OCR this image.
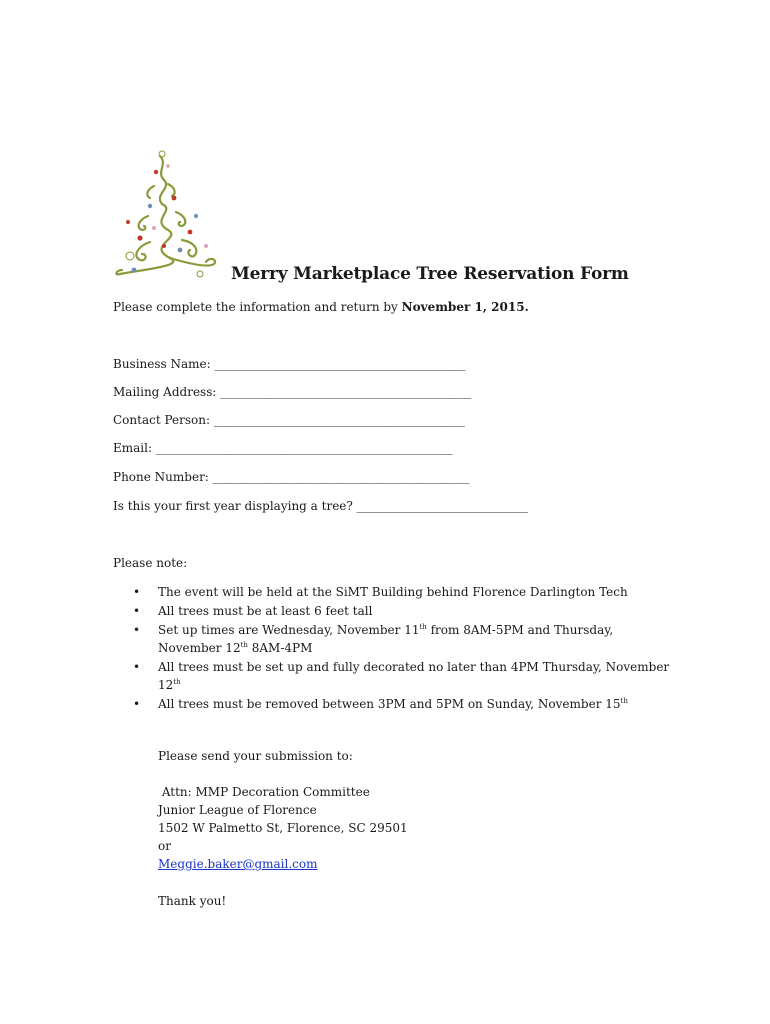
Merry Marketplace Tree Reservation Form
Please complete the information and return by November 1, 2015.
Business Name: ____________________________________________
Mailing Address: ____________________________________________
Contact Person: ____________________________________________
Email: ____________________________________________________
Phone Number: _____________________________________________
Is this your first year displaying a tree? ______________________________
Please note:
• The event will be held at the SiMT Building behind Florence Darlington Tech
• All trees must be at least 6 feet tall
• Set up times are Wednesday, November 11th from 8AM-5PM and Thursday, November 12th 8AM-4PM
• All trees must be set up and fully decorated no later than 4PM Thursday, November 12th
• All trees must be removed between 3PM and 5PM on Sunday, November 15th
Please send your submission to:
Attn: MMP Decoration Committee
Junior League of Florence
1502 W Palmetto St, Florence, SC 29501
or
Meggie.baker@gmail.com
Thank you!
